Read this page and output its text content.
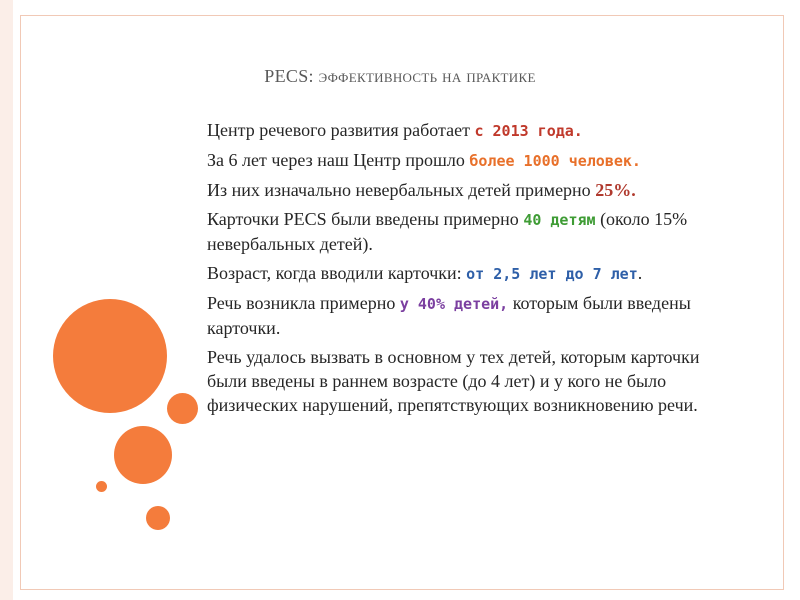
PECS: эффективность на практике

Центр речевого развития работает с 2013 года.

За 6 лет через наш Центр прошло более 1000 человек.

Из них изначально невербальных детей примерно 25%.

Карточки PECS были введены примерно 40 детям (около 15% невербальных детей).

Возраст, когда вводили карточки: от 2,5 лет до 7 лет.

Речь возникла примерно у 40% детей, которым были введены карточки.

Речь удалось вызвать в основном у тех детей, которым карточки были введены в раннем возрасте (до 4 лет) и у кого не было физических нарушений, препятствующих возникновению речи.
